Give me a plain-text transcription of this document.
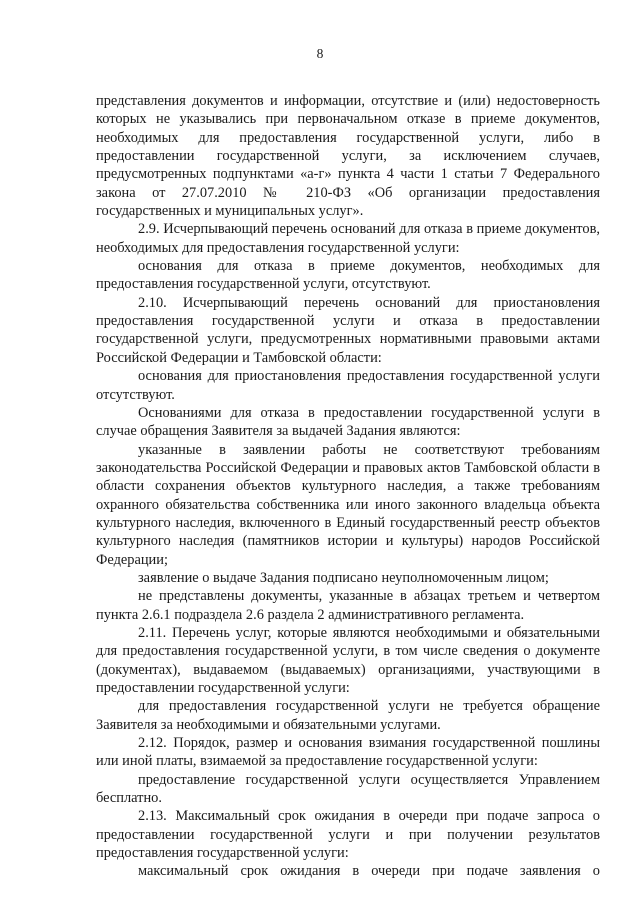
8

представления документов и информации, отсутствие и (или) недостоверность которых не указывались при первоначальном отказе в приеме документов, необходимых для предоставления государственной услуги, либо в предоставлении государственной услуги, за исключением случаев, предусмотренных подпунктами «а-г» пункта 4 части 1 статьи 7 Федерального закона от 27.07.2010 № 210-ФЗ «Об организации предоставления государственных и муниципальных услуг».

2.9. Исчерпывающий перечень оснований для отказа в приеме документов, необходимых для предоставления государственной услуги:

основания для отказа в приеме документов, необходимых для предоставления государственной услуги, отсутствуют.

2.10. Исчерпывающий перечень оснований для приостановления предоставления государственной услуги и отказа в предоставлении государственной услуги, предусмотренных нормативными правовыми актами Российской Федерации и Тамбовской области:

основания для приостановления предоставления государственной услуги отсутствуют.

Основаниями для отказа в предоставлении государственной услуги в случае обращения Заявителя за выдачей Задания являются:

указанные в заявлении работы не соответствуют требованиям законодательства Российской Федерации и правовых актов Тамбовской области в области сохранения объектов культурного наследия, а также требованиям охранного обязательства собственника или иного законного владельца объекта культурного наследия, включенного в Единый государственный реестр объектов культурного наследия (памятников истории и культуры) народов Российской Федерации;

заявление о выдаче Задания подписано неуполномоченным лицом;

не представлены документы, указанные в абзацах третьем и четвертом пункта 2.6.1 подраздела 2.6 раздела 2 административного регламента.

2.11. Перечень услуг, которые являются необходимыми и обязательными для предоставления государственной услуги, в том числе сведения о документе (документах), выдаваемом (выдаваемых) организациями, участвующими в предоставлении государственной услуги:

для предоставления государственной услуги не требуется обращение Заявителя за необходимыми и обязательными услугами.

2.12. Порядок, размер и основания взимания государственной пошлины или иной платы, взимаемой за предоставление государственной услуги:

предоставление государственной услуги осуществляется Управлением бесплатно.

2.13. Максимальный срок ожидания в очереди при подаче запроса о предоставлении государственной услуги и при получении результатов предоставления государственной услуги:

максимальный срок ожидания в очереди при подаче заявления о
